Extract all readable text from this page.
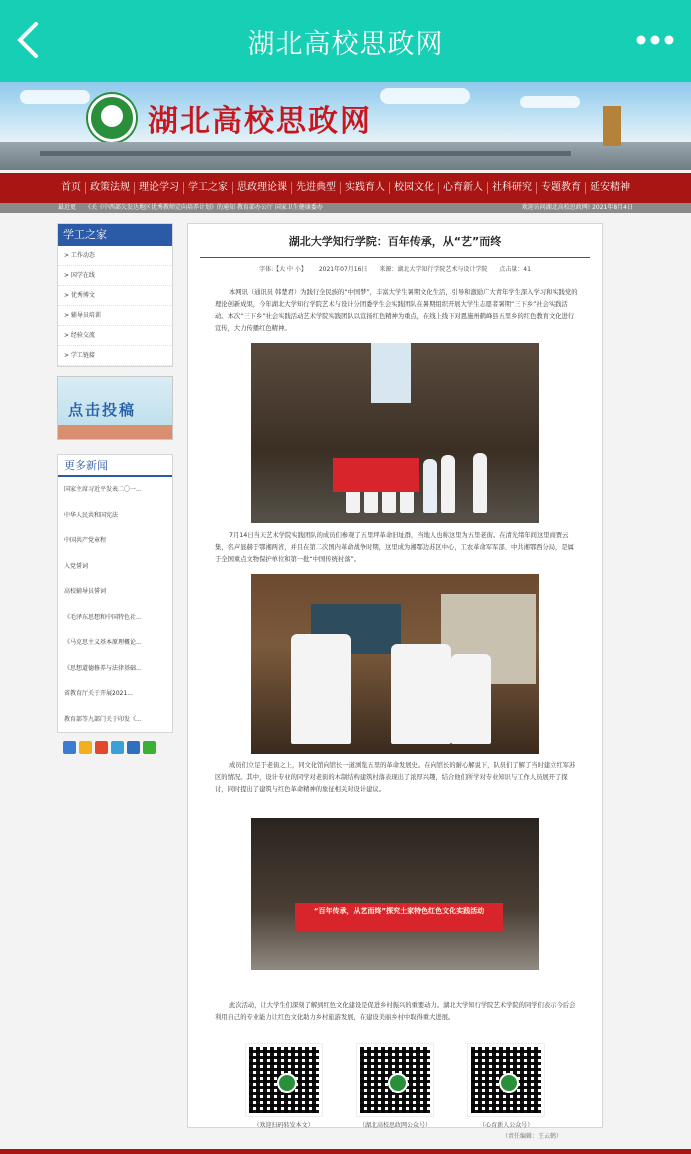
湖北高校思政网
湖北高校思政网
首页 政策法规 理论学习 学工之家 思政理论课 先进典型 实践育人 校园文化 心育新人 社科研究 专题教育 延安精神
最近更　　《关《中西部欠发达地区优秀教师定向培养计划》的通知 教育部办公厅 国家卫生健康委办	欢迎访问湖北高校思政网! 2021年8月4日
学工之家
> 工作动态
> 国学在线
> 优秀博文
> 辅导员培训
> 经验交流
> 学工链接
点击投稿
更多新闻
国家主席习近平发表二〇一...
中华人民共和国宪法
中国共产党章程
入党誓词
高校辅导员誓词
《毛泽东思想和中国特色社...
《马克思主义基本原理概论...
《思想道德修养与法律基础...
省教育厅关于开展2021...
教育部等九部门关于印发《...
湖北大学知行学院：百年传承，从“艺”而终
字体:【大 中 小】 2021年07月16日 来源：湖北大学知行学院艺术与设计学院 点击量：41

本网讯（通讯员 韩楚君）为践行全民族的“中国梦”，丰富大学生暑期文化生活，引导和激励广大青年学生深入学习和实践党的理论创新成果，今年湖北大学知行学院艺术与设计分团委学生会实践团队在暑期组织开展大学生志愿者暑期“三下乡”社会实践活动。本次“三下乡”社会实践活动艺术学院实践团队以宣扬红色精神为重点，在线上线下对恩施州鹤峰县五里乡的红色教育文化进行宣传，大力传播红色精神。

7月14日当天艺术学院实践团队的成员们参观了五里坪革命旧址群，当地人也称这里为五里老街。在清光绪年间这里商贾云集，名声显赫于鄂湘两省，并且在第二次国内革命战争时期，这里成为湘鄂边苏区中心，工农革命军军部、中共湘鄂西分局，是属于全国重点文物保护单位和第一批“中国传统村落”。

成员们立足于老街之上，同文化馆向馆长一道浏览五里的革命发展史。在向馆长的耐心解说下，队员们了解了当时建立红军苏区的情况。其中，设计专业的同学对老街的木制结构建筑村落表现出了浓厚兴趣，结合他们所学对专业知识与工作人员展开了探讨，同时提出了建筑与红色革命精神的象征相关对设计建议。

“百年传承，从艺而终”探究土家特色红色文化实践活动

此次活动，让大学生们深刻了解到红色文化建设是促进乡村振兴的重要动力。湖北大学知行学院艺术学院的同学们表示今后会利用自己的专业能力让红色文化助力乡村旅游发展，在建设美丽乡村中取得重大进展。

（欢迎扫码转发本文）	（湖北高校思政网公众号）	（心育新人公众号）
（责任编辑：王云鹤）
